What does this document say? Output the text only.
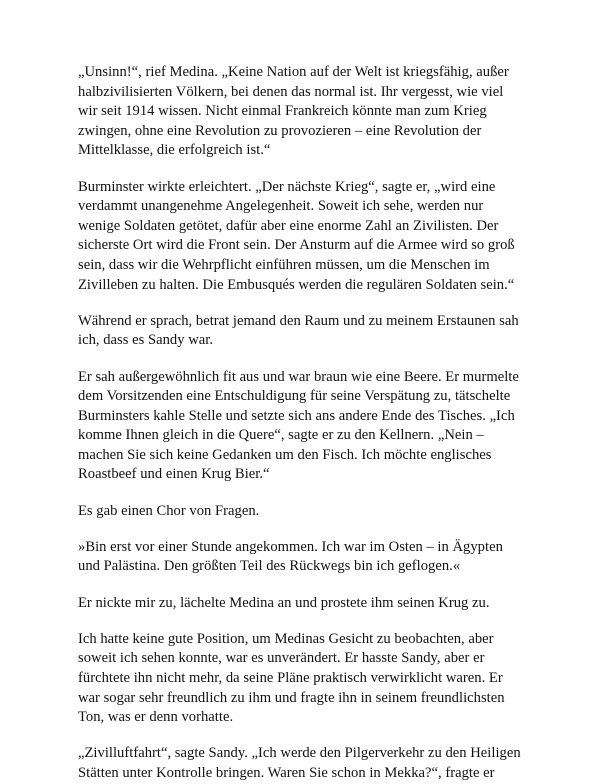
„Unsinn!“, rief Medina. „Keine Nation auf der Welt ist kriegsfähig, außer halbzivilisierten Völkern, bei denen das normal ist. Ihr vergesst, wie viel wir seit 1914 wissen. Nicht einmal Frankreich könnte man zum Krieg zwingen, ohne eine Revolution zu provozieren – eine Revolution der Mittelklasse, die erfolgreich ist.“

Burminster wirkte erleichtert. „Der nächste Krieg“, sagte er, „wird eine verdammt unangenehme Angelegenheit. Soweit ich sehe, werden nur wenige Soldaten getötet, dafür aber eine enorme Zahl an Zivilisten. Der sicherste Ort wird die Front sein. Der Ansturm auf die Armee wird so groß sein, dass wir die Wehrpflicht einführen müssen, um die Menschen im Zivilleben zu halten. Die Embusqués werden die regulären Soldaten sein.“

Während er sprach, betrat jemand den Raum und zu meinem Erstaunen sah ich, dass es Sandy war.

Er sah außergewöhnlich fit aus und war braun wie eine Beere. Er murmelte dem Vorsitzenden eine Entschuldigung für seine Verspätung zu, tätschelte Burminsters kahle Stelle und setzte sich ans andere Ende des Tisches. „Ich komme Ihnen gleich in die Quere“, sagte er zu den Kellnern. „Nein – machen Sie sich keine Gedanken um den Fisch. Ich möchte englisches Roastbeef und einen Krug Bier.“

Es gab einen Chor von Fragen.

»Bin erst vor einer Stunde angekommen. Ich war im Osten – in Ägypten und Palästina. Den größten Teil des Rückwegs bin ich geflogen.«

Er nickte mir zu, lächelte Medina an und prostete ihm seinen Krug zu.

Ich hatte keine gute Position, um Medinas Gesicht zu beobachten, aber soweit ich sehen konnte, war es unverändert. Er hasste Sandy, aber er fürchtete ihn nicht mehr, da seine Pläne praktisch verwirklicht waren. Er war sogar sehr freundlich zu ihm und fragte ihn in seinem freundlichsten Ton, was er denn vorhatte.

„Zivilluftfahrt“, sagte Sandy. „Ich werde den Pilgerverkehr zu den Heiligen Stätten unter Kontrolle bringen. Waren Sie schon in Mekka?“, fragte er
